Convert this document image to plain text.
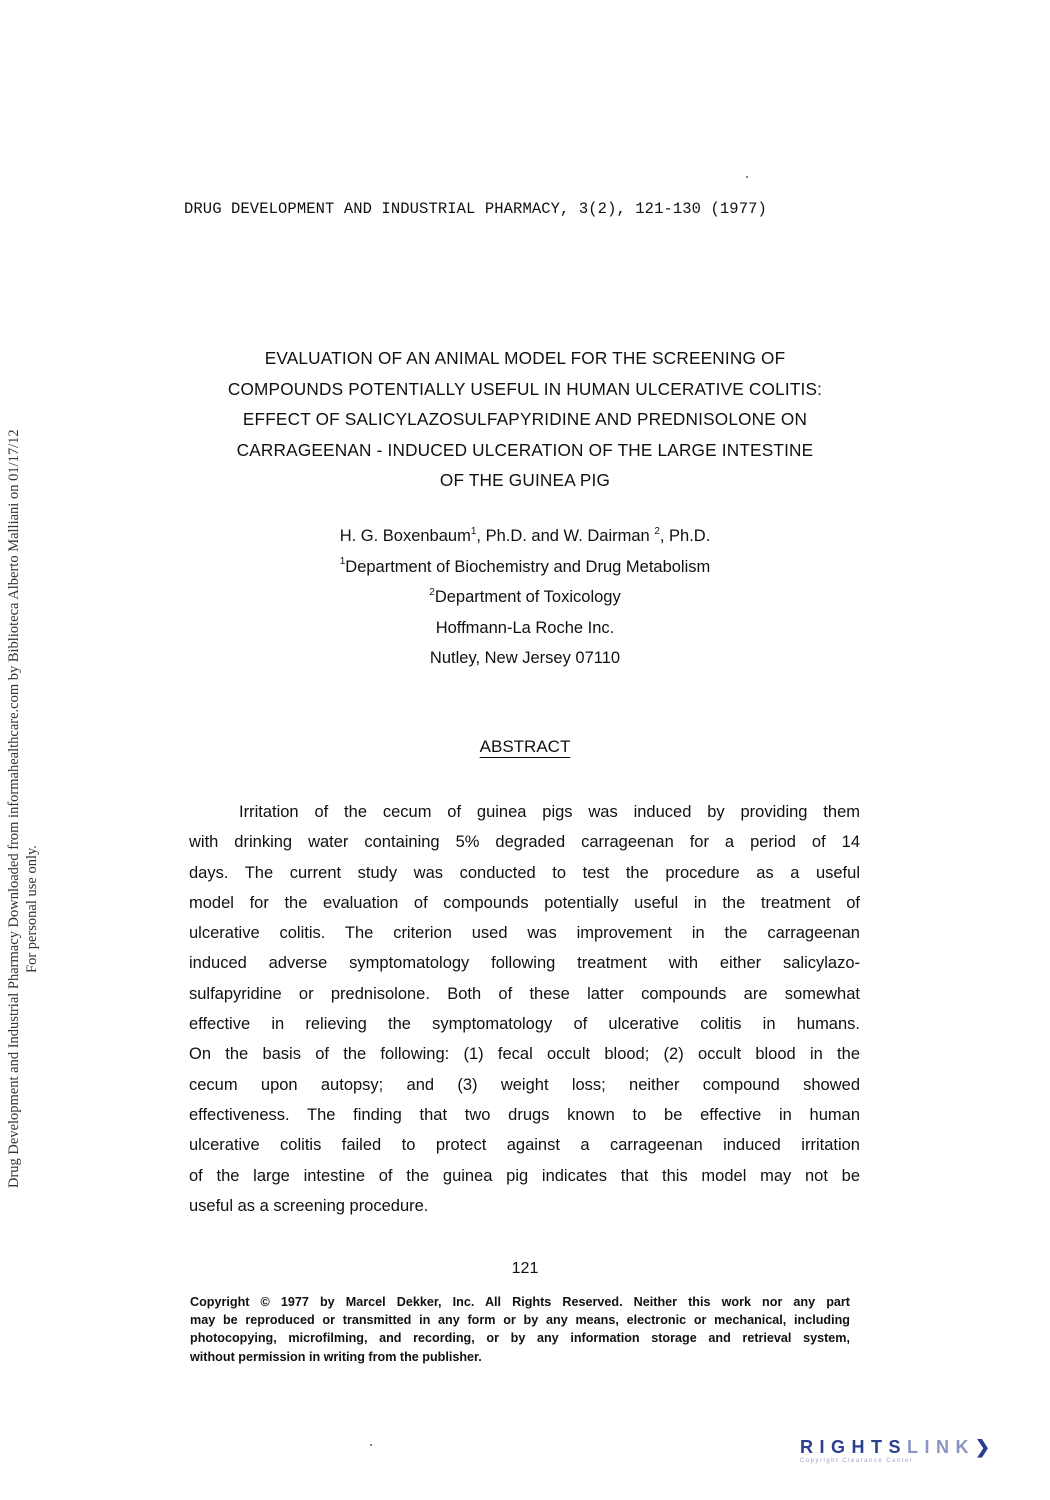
Drug Development and Industrial Pharmacy Downloaded from informahealthcare.com by Biblioteca Alberto Malliani on 01/17/12 For personal use only.
DRUG DEVELOPMENT AND INDUSTRIAL PHARMACY, 3(2), 121-130 (1977)
EVALUATION OF AN ANIMAL MODEL FOR THE SCREENING OF
COMPOUNDS POTENTIALLY USEFUL IN HUMAN ULCERATIVE COLITIS:
EFFECT OF SALICYLAZOSULFAPYRIDINE AND PREDNISOLONE ON
CARRAGEENAN - INDUCED ULCERATION OF THE LARGE INTESTINE
OF THE GUINEA PIG
H. G. Boxenbaum$^1$, Ph.D. and W. Dairman $^2$, Ph.D.
$^1$Department of Biochemistry and Drug Metabolism
$^2$Department of Toxicology
Hoffmann-La Roche Inc.
Nutley, New Jersey 07110
ABSTRACT
Irritation of the cecum of guinea pigs was induced by providing them
with drinking water containing 5% degraded carrageenan for a period of 14
days. The current study was conducted to test the procedure as a useful
model for the evaluation of compounds potentially useful in the treatment of
ulcerative colitis. The criterion used was improvement in the carrageenan
induced adverse symptomatology following treatment with either salicylazo-
sulfapyridine or prednisolone. Both of these latter compounds are somewhat
effective in relieving the symptomatology of ulcerative colitis in humans.
On the basis of the following: (1) fecal occult blood; (2) occult blood in the
cecum upon autopsy; and (3) weight loss; neither compound showed
effectiveness. The finding that two drugs known to be effective in human
ulcerative colitis failed to protect against a carrageenan induced irritation
of the large intestine of the guinea pig indicates that this model may not be
useful as a screening procedure.
121
Copyright © 1977 by Marcel Dekker, Inc. All Rights Reserved. Neither this work nor any part
may be reproduced or transmitted in any form or by any means, electronic or mechanical, including
photocopying, microfilming, and recording, or by any information storage and retrieval system,
without permission in writing from the publisher.
RIGHTSLINK❯
Copyright Clearance Center
